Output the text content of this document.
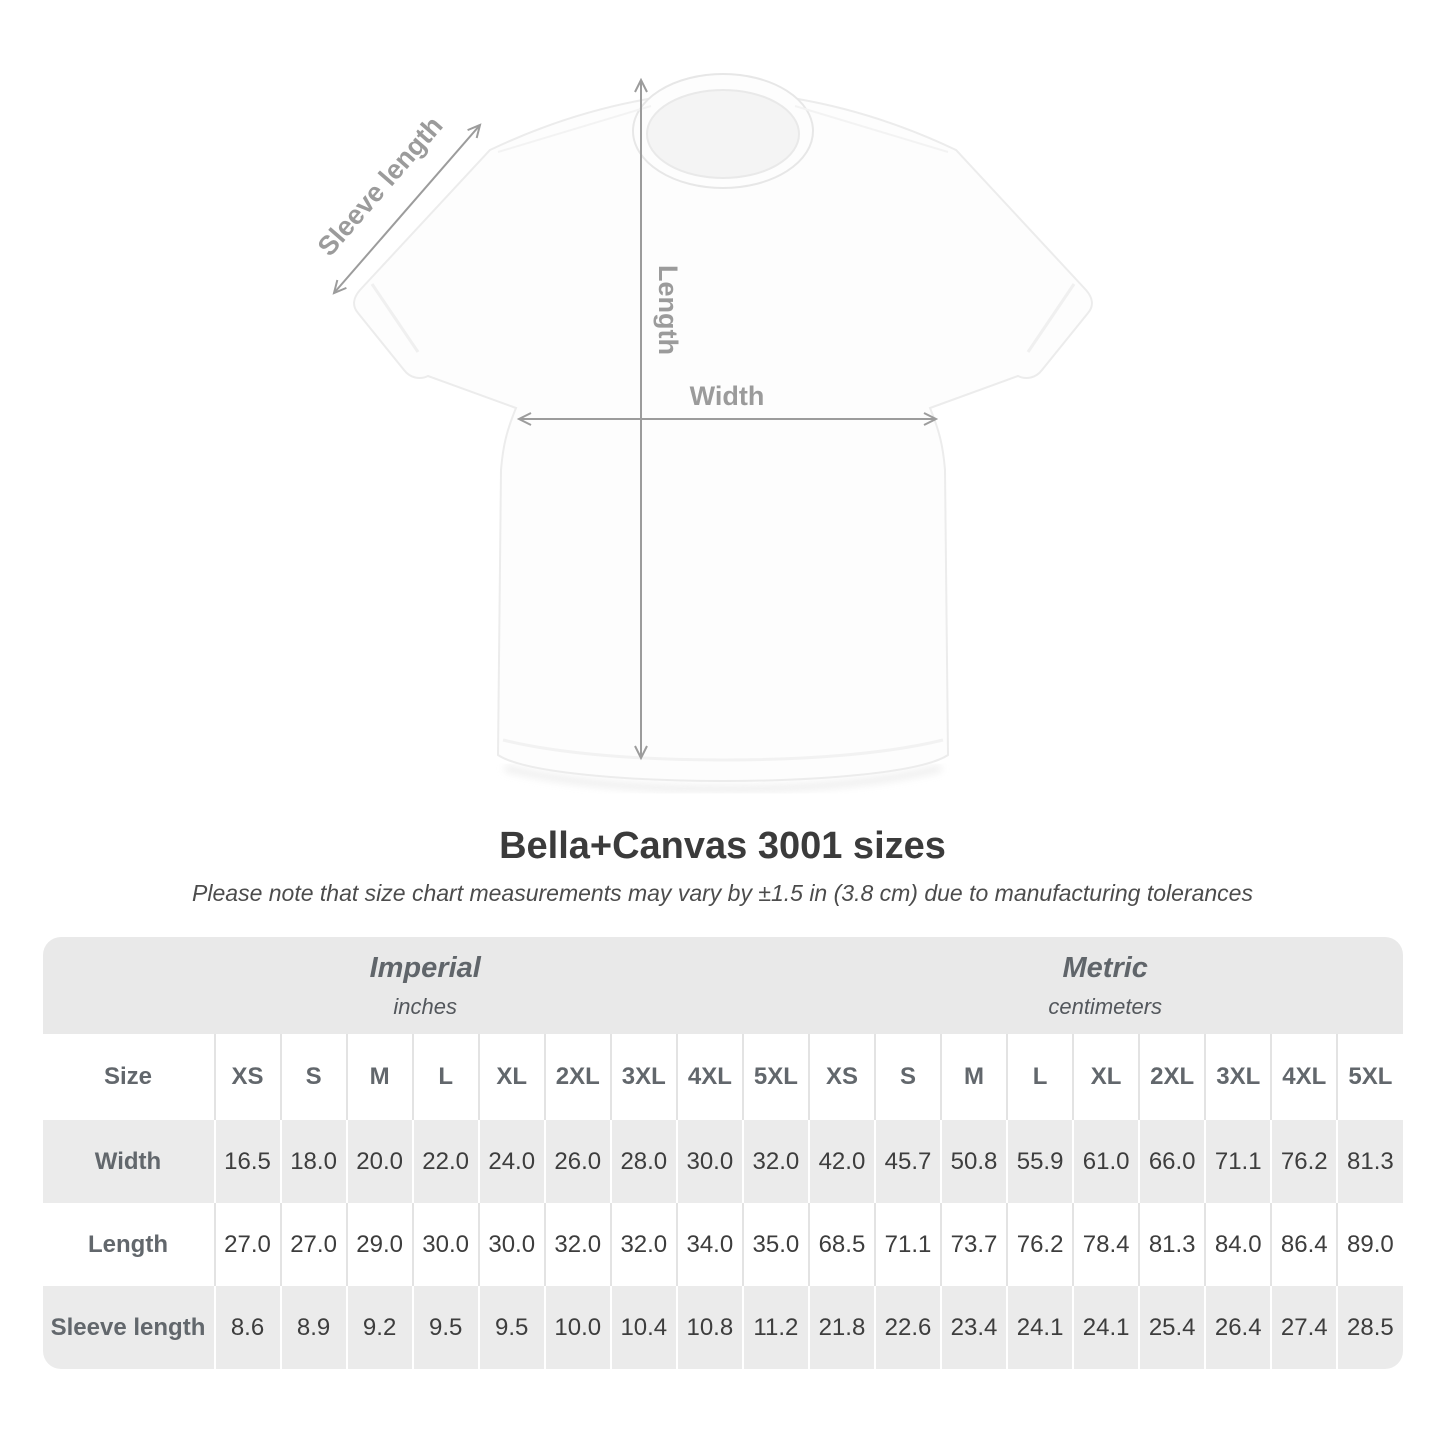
Sleeve length
Length
Width
Bella+Canvas 3001 sizes

Please note that size chart measurements may vary by ±1.5 in (3.8 cm) due to manufacturing tolerances

Imperial
inches

Metric
centimeters

Size	XS	S	M	L	XL	2XL	3XL	4XL	5XL	XS	S	M	L	XL	2XL	3XL	4XL	5XL
Width	16.5	18.0	20.0	22.0	24.0	26.0	28.0	30.0	32.0	42.0	45.7	50.8	55.9	61.0	66.0	71.1	76.2	81.3
Length	27.0	27.0	29.0	30.0	30.0	32.0	32.0	34.0	35.0	68.5	71.1	73.7	76.2	78.4	81.3	84.0	86.4	89.0
Sleeve length	8.6	8.9	9.2	9.5	9.5	10.0	10.4	10.8	11.2	21.8	22.6	23.4	24.1	24.1	25.4	26.4	27.4	28.5
